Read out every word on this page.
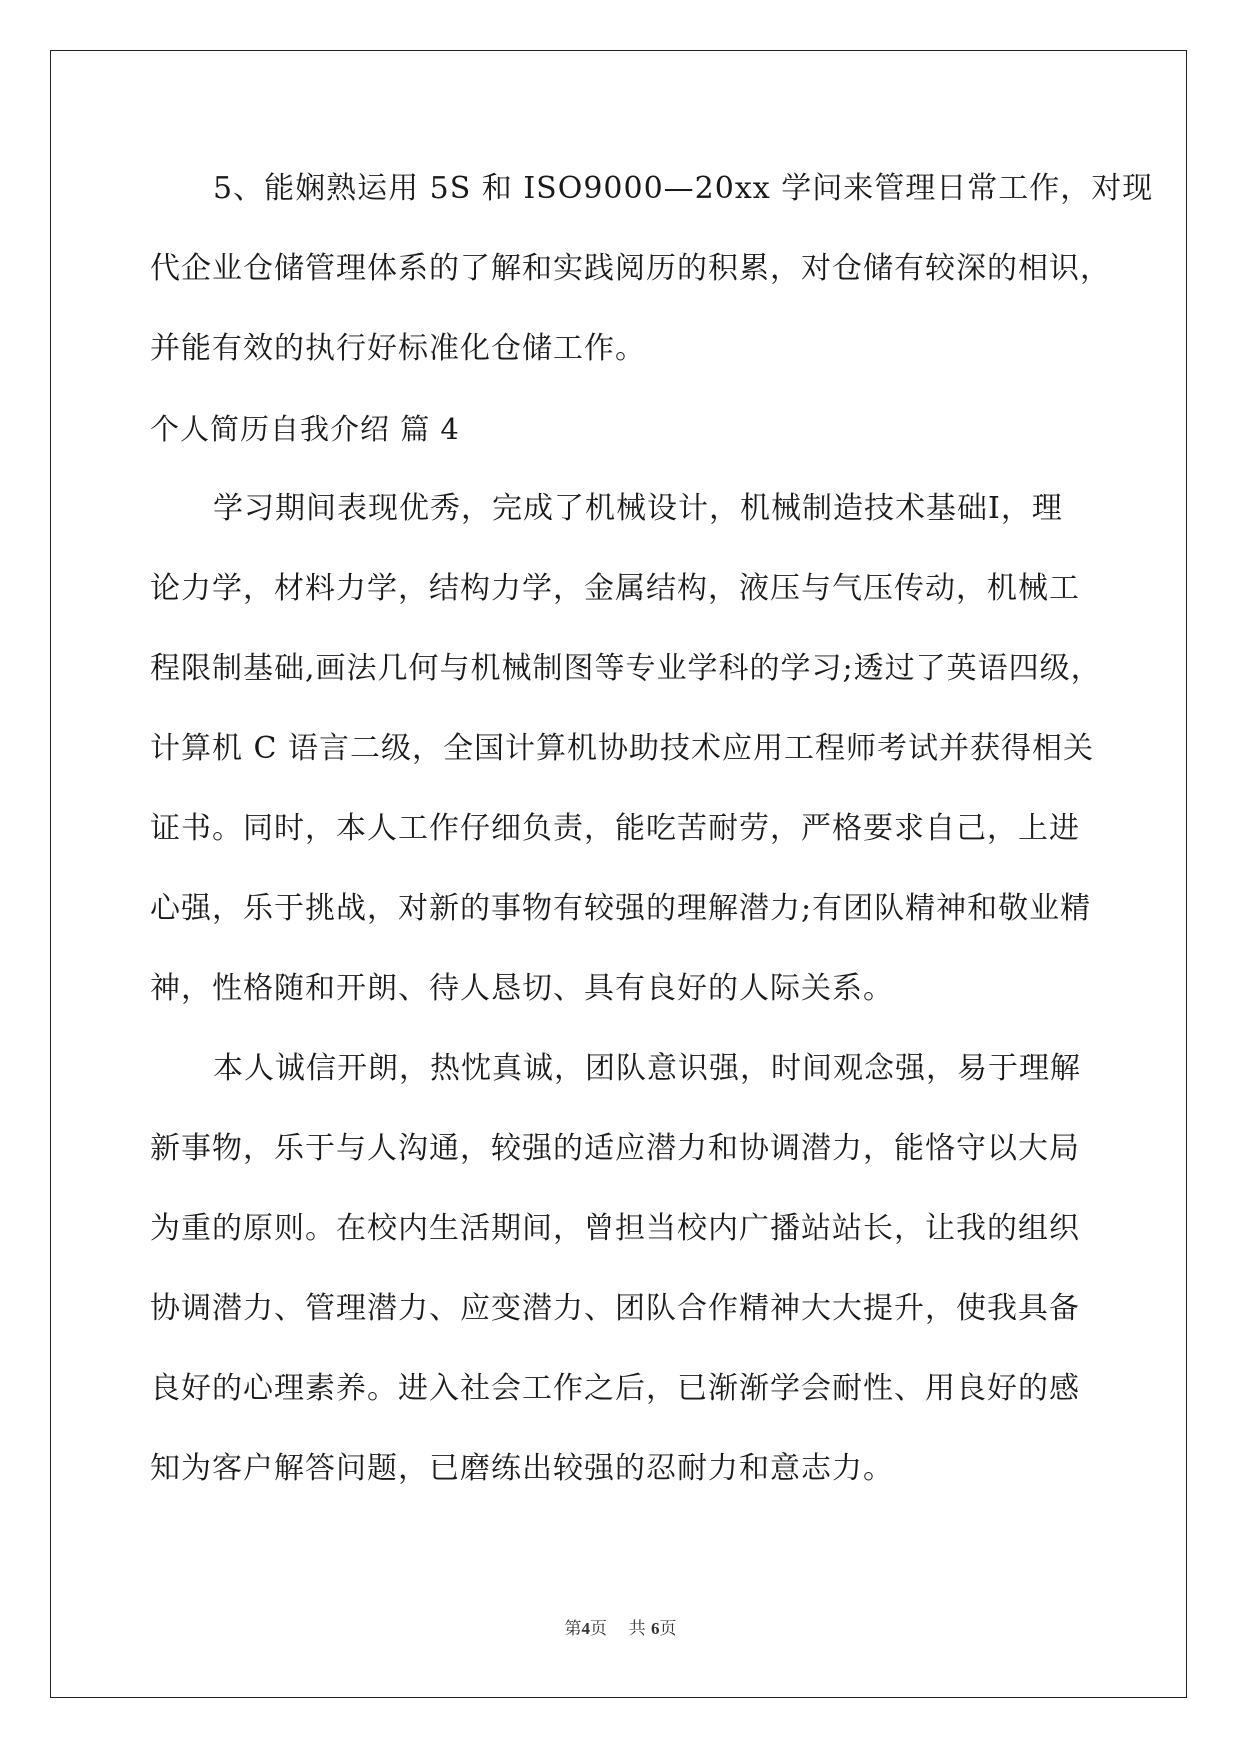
5、能娴熟运用 5S 和 ISO9000—20xx 学问来管理日常工作，对现
代企业仓储管理体系的了解和实践阅历的积累，对仓储有较深的相识，
并能有效的执行好标准化仓储工作。
个人简历自我介绍 篇 4
学习期间表现优秀，完成了机械设计，机械制造技术基础Ⅰ，理
论力学，材料力学，结构力学，金属结构，液压与气压传动，机械工
程限制基础,画法几何与机械制图等专业学科的学习;透过了英语四级，
计算机 C 语言二级，全国计算机协助技术应用工程师考试并获得相关
证书。同时，本人工作仔细负责，能吃苦耐劳，严格要求自己，上进
心强，乐于挑战，对新的事物有较强的理解潜力;有团队精神和敬业精
神，性格随和开朗、待人恳切、具有良好的人际关系。
本人诚信开朗，热忱真诚，团队意识强，时间观念强，易于理解
新事物，乐于与人沟通，较强的适应潜力和协调潜力，能恪守以大局
为重的原则。在校内生活期间，曾担当校内广播站站长，让我的组织
协调潜力、管理潜力、应变潜力、团队合作精神大大提升，使我具备
良好的心理素养。进入社会工作之后，已渐渐学会耐性、用良好的感
知为客户解答问题，已磨练出较强的忍耐力和意志力。
第4页 共 6页
